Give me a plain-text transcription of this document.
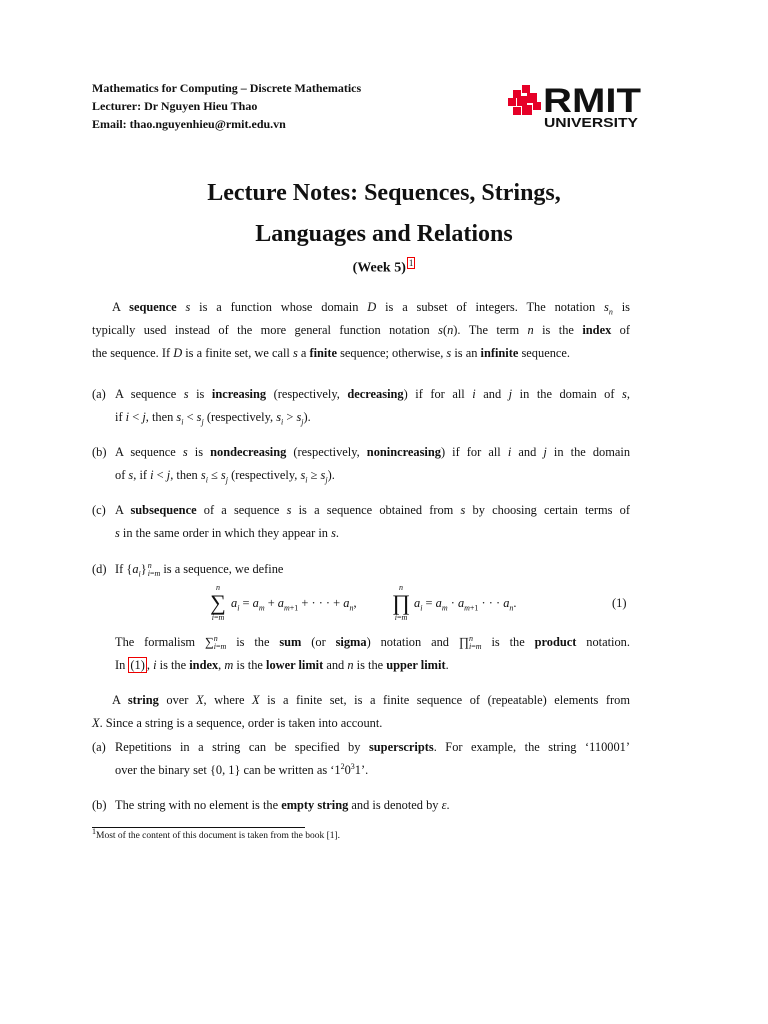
Mathematics for Computing – Discrete Mathematics
Lecturer: Dr Nguyen Hieu Thao
Email: thao.nguyenhieu@rmit.edu.vn
RMIT
UNIVERSITY
Lecture Notes: Sequences, Strings,
Languages and Relations
(Week 5) 1
A sequence s is a function whose domain D is a subset of integers. The notation $s_n$ is
typically used instead of the more general function notation s(n). The term n is the index of
the sequence. If D is a finite set, we call s a finite sequence; otherwise, s is an infinite sequence.
(a) A sequence s is increasing (respectively, decreasing) if for all i and j in the domain of s,
if i < j, then $s_i < s_j$ (respectively, $s_i > s_j$).
(b) A sequence s is nondecreasing (respectively, nonincreasing) if for all i and j in the domain
of s, if i < j, then $s_i \le s_j$ (respectively, $s_i \ge s_j$).
(c) A subsequence of a sequence s is a sequence obtained from s by choosing certain terms of
s in the same order in which they appear in s.
(d) If $\{a_i\}n$
i=m is a sequence, we define
n
∑
i=m
$a_i = a_m + a_{m+1}$ + · · · + $a_n$,
n
∏
i=m
$a_i = a_m \cdot a_{m+1}$ · · · $a_n$.	(1)
The formalism ∑n
i=m is the sum (or sigma) notation and ∏n
i=m is the product notation.
In (1) , i is the index, m is the lower limit and n is the upper limit.
A string over X, where X is a finite set, is a finite sequence of (repeatable) elements from
X. Since a string is a sequence, order is taken into account.
(a) Repetitions in a string can be specified by superscripts. For example, the string ‘110001’
over the binary set {0, 1} can be written as ‘$1^20^31$’.
(b) The string with no element is the empty string and is denoted by ε.
$^1$Most of the content of this document is taken from the book [1].
